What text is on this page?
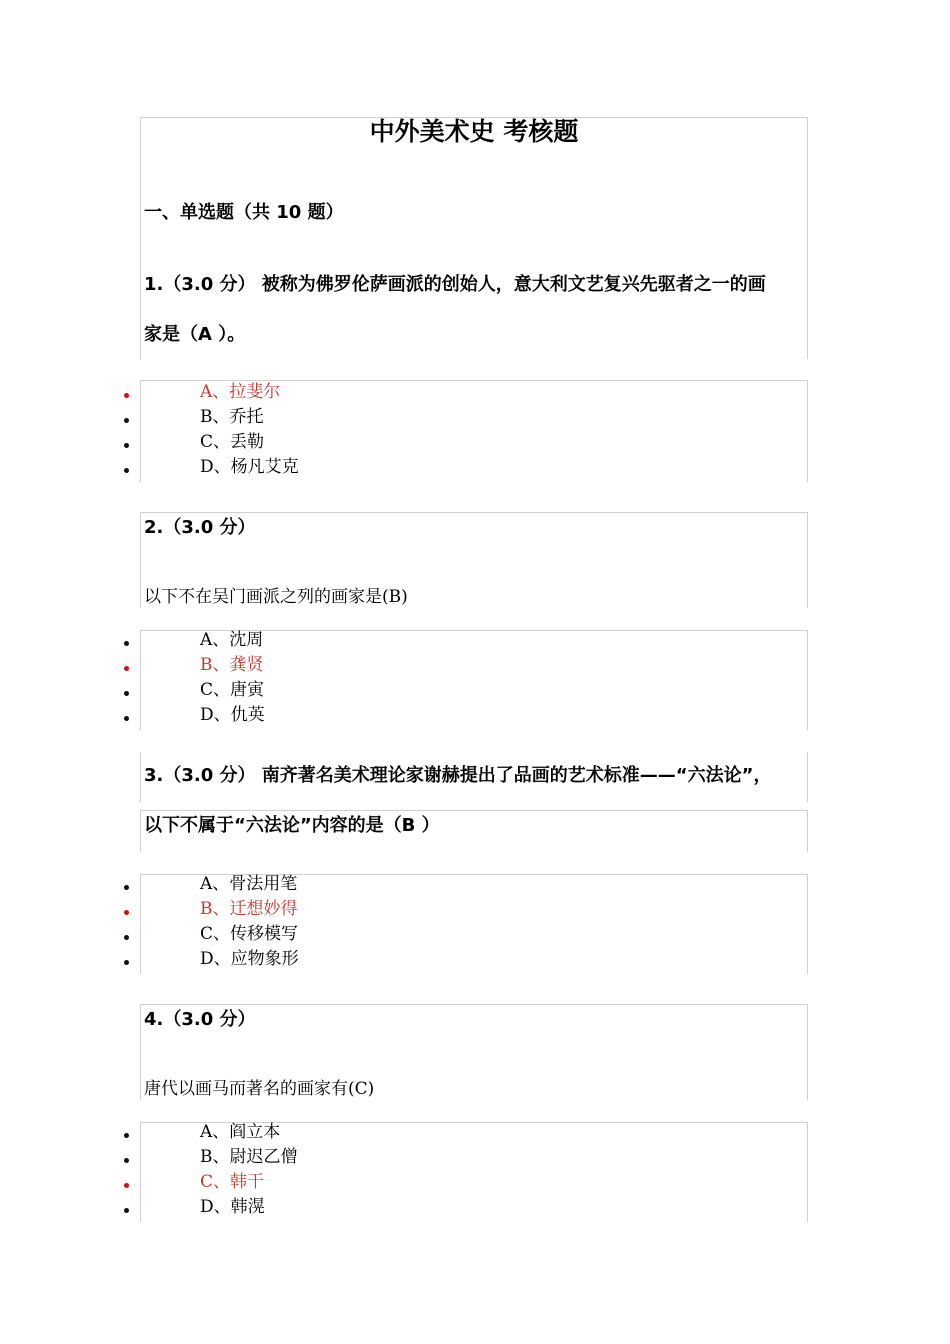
中外美术史 考核题
一、单选题（共 10 题）
1.（3.0 分） 被称为佛罗伦萨画派的创始人，意大利文艺复兴先驱者之一的画
家是（A ）。
A、拉斐尔
B、乔托
C、丢勒
D、杨凡艾克
2.（3.0 分）
以下不在吴门画派之列的画家是(B)
A、沈周
B、龚贤
C、唐寅
D、仇英
3.（3.0 分） 南齐著名美术理论家谢赫提出了品画的艺术标准——“六法论”，
以下不属于“六法论”内容的是（B ）
A、骨法用笔
B、迁想妙得
C、传移模写
D、应物象形
4.（3.0 分）
唐代以画马而著名的画家有(C)
A、阎立本
B、尉迟乙僧
C、韩干
D、韩滉
